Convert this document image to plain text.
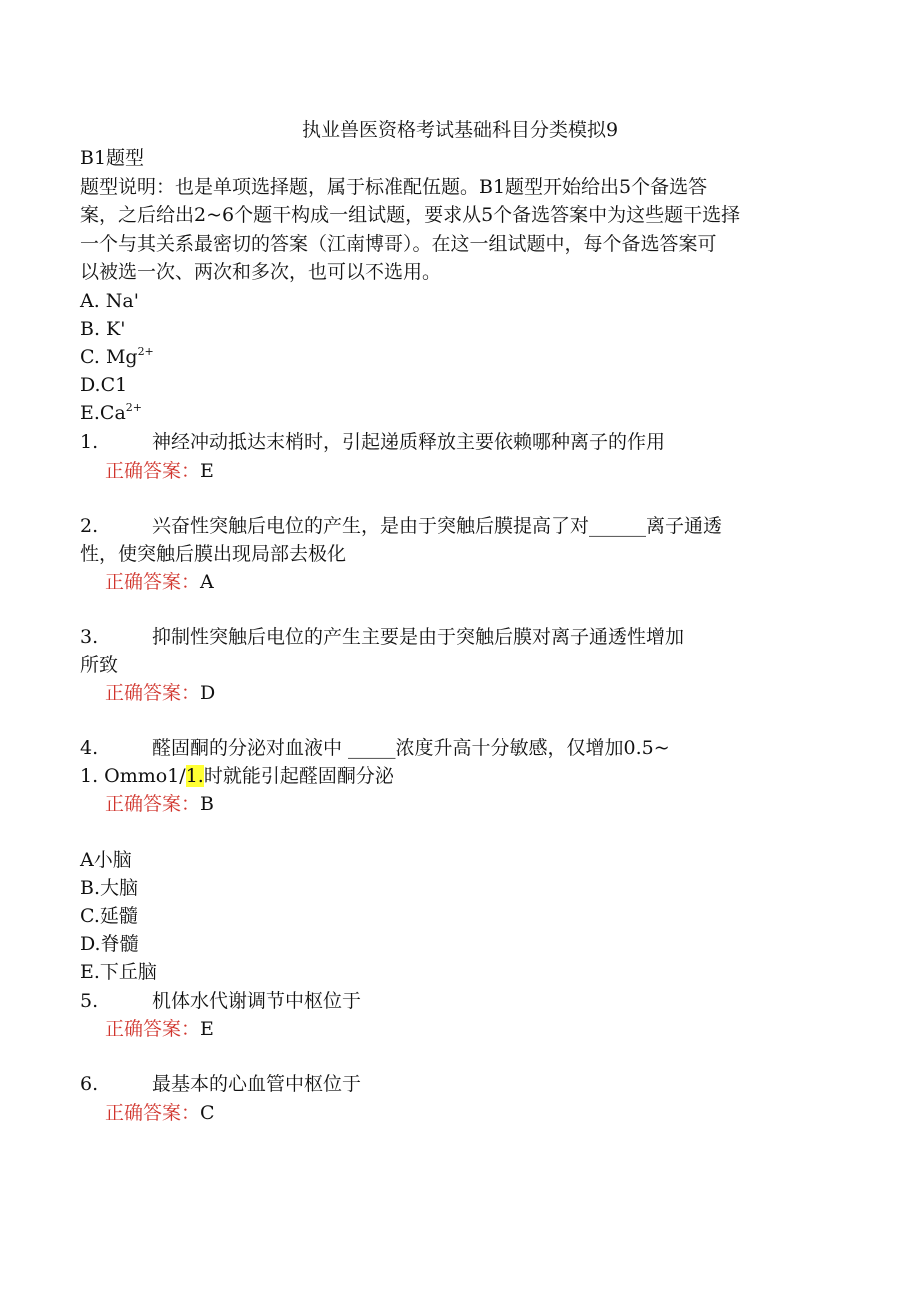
执业兽医资格考试基础科目分类模拟9
B1题型
题型说明：也是单项选择题，属于标准配伍题。B1题型开始给出5个备选答
案，之后给出2~6个题干构成一组试题，要求从5个备选答案中为这些题干选择
一个与其关系最密切的答案（江南博哥）。在这一组试题中，每个备选答案可
以被选一次、两次和多次，也可以不选用。
A. Na'
B. K'
C. $Mg^{2+}$
D.C1
$E.Ca^{2+}$
1.	神经冲动抵达末梢时，引起递质释放主要依赖哪种离子的作用
正确答案：E
2.	兴奋性突触后电位的产生，是由于突触后膜提高了对______离子通透
性，使突触后膜出现局部去极化
正确答案：A
3.	抑制性突触后电位的产生主要是由于突触后膜对离子通透性增加
所致
正确答案：D
4.	醛固酮的分泌对血液中 _____浓度升高十分敏感，仅增加0.5~
1. Ommo1/1.时就能引起醛固酮分泌
正确答案：B
A小脑
B.大脑
C.延髓
D.脊髓
E.下丘脑
5.	机体水代谢调节中枢位于
正确答案：E
6.	最基本的心血管中枢位于
正确答案：C
